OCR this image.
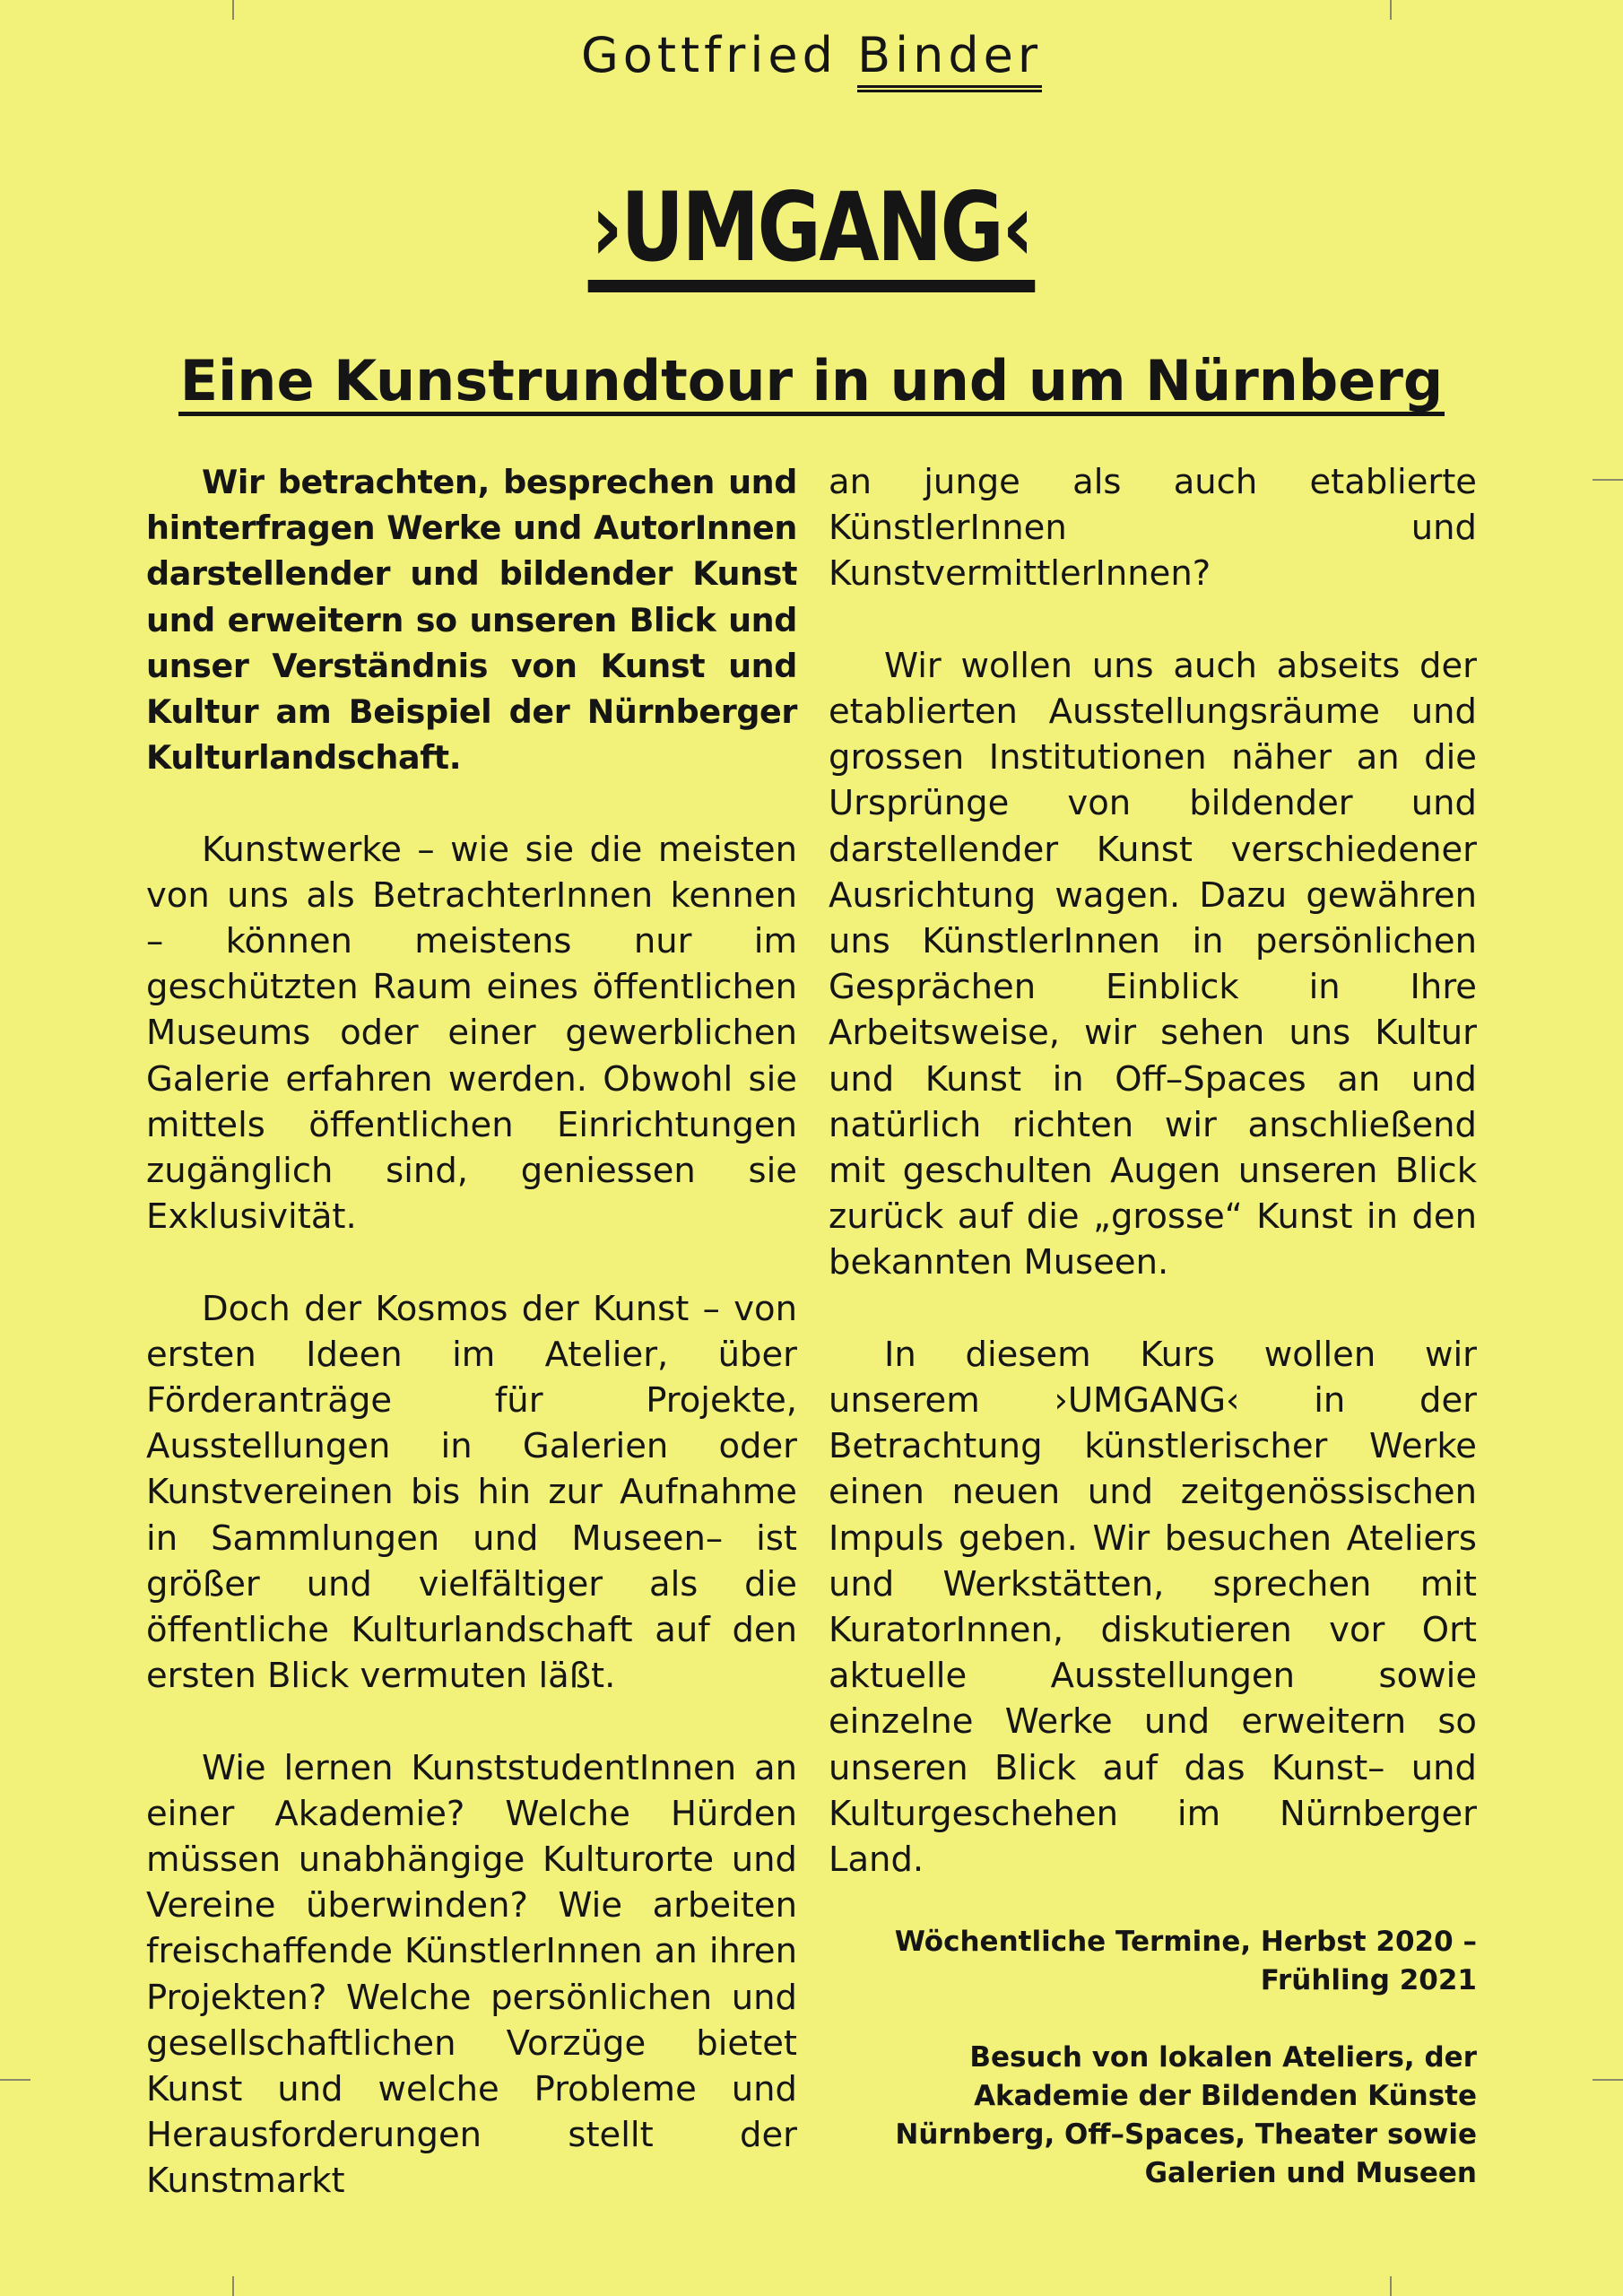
Gottfried Binder
›UMGANG‹
Eine Kunstrundtour in und um Nürnberg

Wir betrachten, besprechen und hinterfragen Werke und AutorInnen darstellender und bildender Kunst und erweitern so unseren Blick und unser Verständnis von Kunst und Kultur am Beispiel der Nürnberger Kulturlandschaft.

Kunstwerke – wie sie die meisten von uns als BetrachterInnen kennen – können meistens nur im geschützten Raum eines öffentlichen Museums oder einer gewerblichen Galerie erfahren werden. Obwohl sie mittels öffentlichen Einrichtungen zugänglich sind, geniessen sie Exklusivität.

Doch der Kosmos der Kunst – von ersten Ideen im Atelier, über Förderanträge für Projekte, Ausstellungen in Galerien oder Kunstvereinen bis hin zur Aufnahme in Sammlungen und Museen– ist größer und vielfältiger als die öffentliche Kulturlandschaft auf den ersten Blick vermuten läßt.

Wie lernen KunststudentInnen an einer Akademie? Welche Hürden müssen unabhängige Kulturorte und Vereine überwinden? Wie arbeiten freischaffende KünstlerInnen an ihren Projekten? Welche persönlichen und gesellschaftlichen Vorzüge bietet Kunst und welche Probleme und Herausforderungen stellt der Kunstmarkt

an junge als auch etablierte KünstlerInnen und KunstvermittlerInnen?

Wir wollen uns auch abseits der etablierten Ausstellungsräume und grossen Institutionen näher an die Ursprünge von bildender und darstellender Kunst verschiedener Ausrichtung wagen. Dazu gewähren uns KünstlerInnen in persönlichen Gesprächen Einblick in Ihre Arbeitsweise, wir sehen uns Kultur und Kunst in Off–Spaces an und natürlich richten wir anschließend mit geschulten Augen unseren Blick zurück auf die „grosse“ Kunst in den bekannten Museen.

In diesem Kurs wollen wir unserem ›UMGANG‹ in der Betrachtung künstlerischer Werke einen neuen und zeitgenössischen Impuls geben. Wir besuchen Ateliers und Werkstätten, sprechen mit KuratorInnen, diskutieren vor Ort aktuelle Ausstellungen sowie einzelne Werke und erweitern so unseren Blick auf das Kunst– und Kulturgeschehen im Nürnberger Land.

Wöchentliche Termine, Herbst 2020 – Frühling 2021
Besuch von lokalen Ateliers, der Akademie der Bildenden Künste Nürnberg, Off–Spaces, Theater sowie Galerien und Museen
